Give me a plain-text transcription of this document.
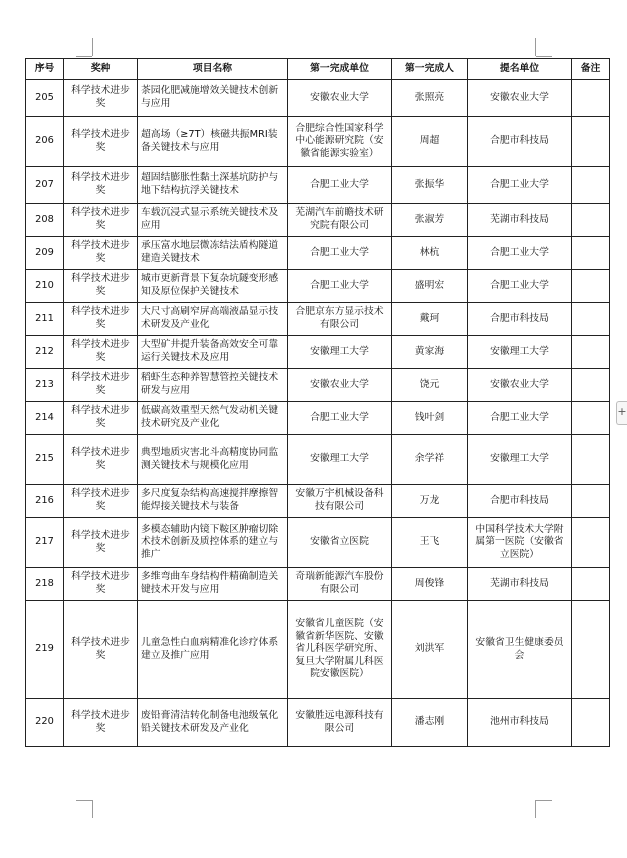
+
序号	奖种	项目名称	第一完成单位	第一完成人	提名单位	备注
205	科学技术进步奖	茶园化肥减施增效关键技术创新与应用	安徽农业大学	张照亮	安徽农业大学	
206	科学技术进步奖	超高场（≥7T）核磁共振MRI装备关键技术与应用	合肥综合性国家科学中心能源研究院（安徽省能源实验室）	周超	合肥市科技局	
207	科学技术进步奖	超固结膨胀性黏土深基坑防护与地下结构抗浮关键技术	合肥工业大学	张振华	合肥工业大学	
208	科学技术进步奖	车载沉浸式显示系统关键技术及应用	芜湖汽车前瞻技术研究院有限公司	张淑芳	芜湖市科技局	
209	科学技术进步奖	承压富水地层微冻结法盾构隧道建造关键技术	合肥工业大学	林杭	合肥工业大学	
210	科学技术进步奖	城市更新背景下复杂坑隧变形感知及原位保护关键技术	合肥工业大学	盛明宏	合肥工业大学	
211	科学技术进步奖	大尺寸高刷窄屏高端液晶显示技术研发及产业化	合肥京东方显示技术有限公司	戴珂	合肥市科技局	
212	科学技术进步奖	大型矿井提升装备高效安全可靠运行关键技术及应用	安徽理工大学	黄家海	安徽理工大学	
213	科学技术进步奖	稻虾生态种养智慧管控关键技术研发与应用	安徽农业大学	饶元	安徽农业大学	
214	科学技术进步奖	低碳高效重型天然气发动机关键技术研究及产业化	合肥工业大学	钱叶剑	合肥工业大学	
215	科学技术进步奖	典型地质灾害北斗高精度协同监测关键技术与规模化应用	安徽理工大学	余学祥	安徽理工大学	
216	科学技术进步奖	多尺度复杂结构高速搅拌摩擦智能焊接关键技术与装备	安徽万宇机械设备科技有限公司	万龙	合肥市科技局	
217	科学技术进步奖	多模态辅助内镜下鞍区肿瘤切除术技术创新及质控体系的建立与推广	安徽省立医院	王飞	中国科学技术大学附属第一医院（安徽省立医院）	
218	科学技术进步奖	多维弯曲车身结构件精确制造关键技术开发与应用	奇瑞新能源汽车股份有限公司	周俊锋	芜湖市科技局	
219	科学技术进步奖	儿童急性白血病精准化诊疗体系建立及推广应用	安徽省儿童医院（安徽省新华医院、安徽省儿科医学研究所、复旦大学附属儿科医院安徽医院）	刘洪军	安徽省卫生健康委员会	
220	科学技术进步奖	废铅膏清洁转化制备电池级氧化铅关键技术研发及产业化	安徽胜远电源科技有限公司	潘志刚	池州市科技局	
